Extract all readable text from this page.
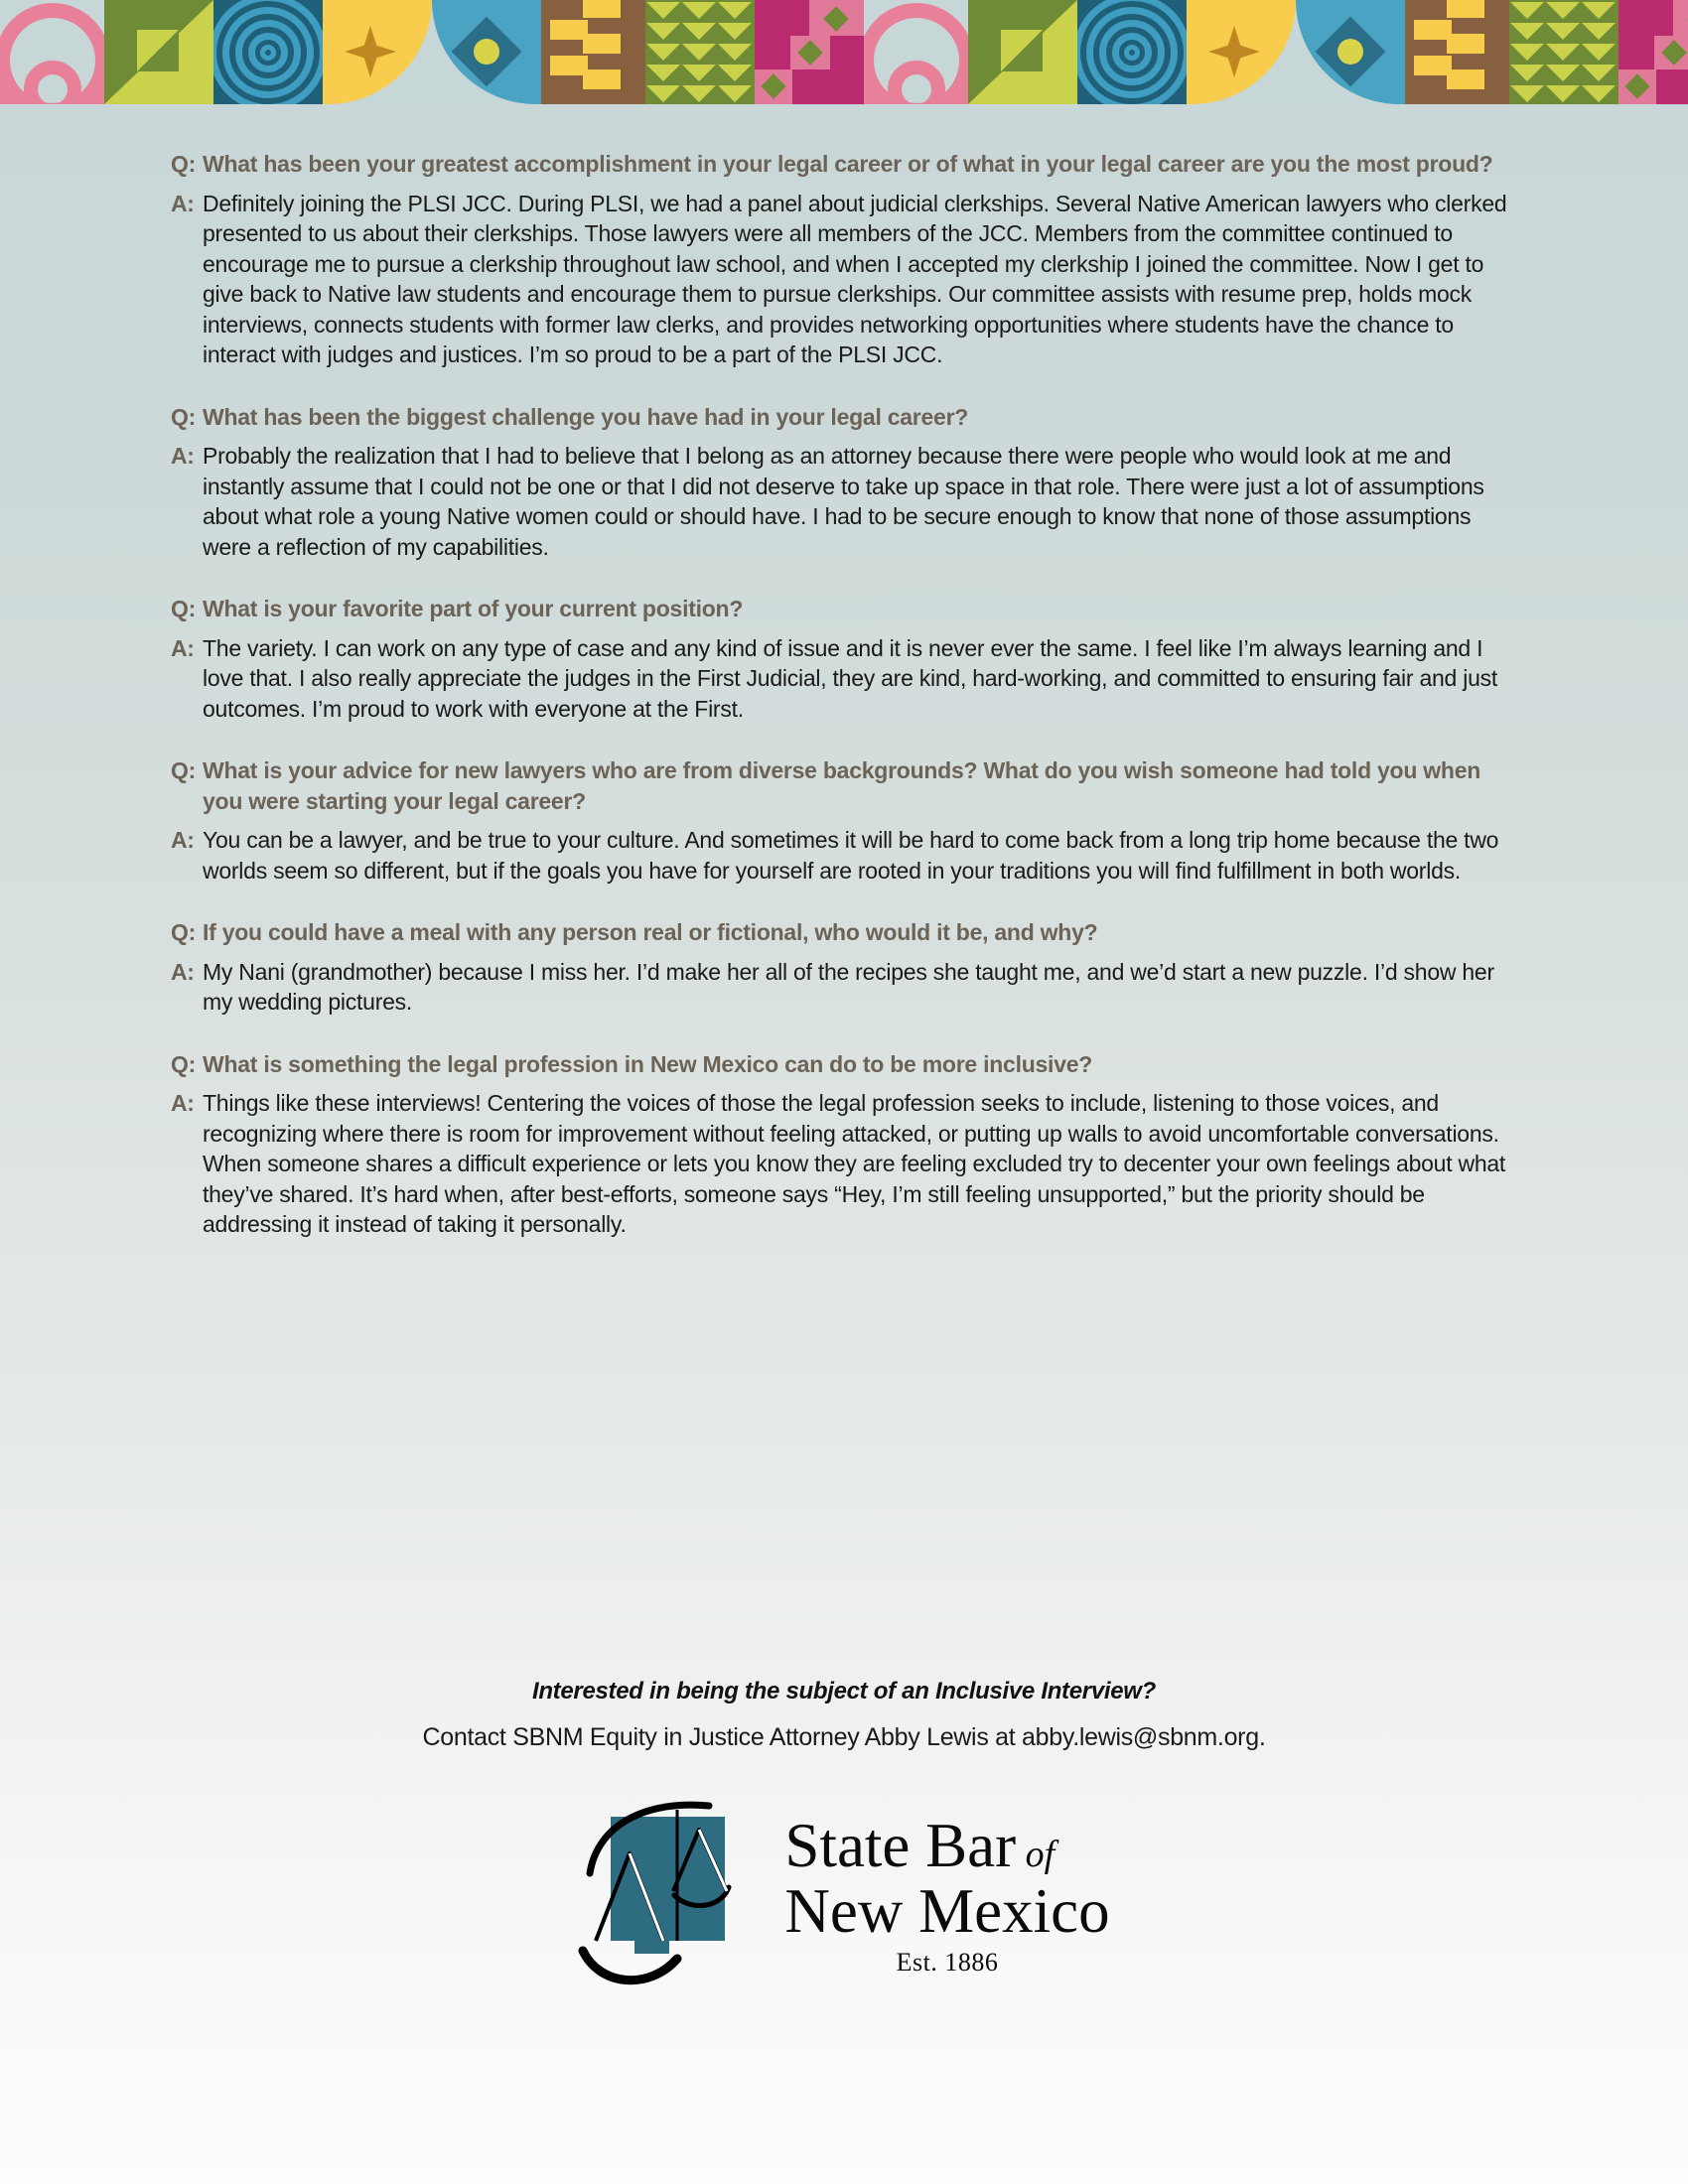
Q: What has been your greatest accomplishment in your legal career or of what in your legal career are you the most proud?
A: Definitely joining the PLSI JCC. During PLSI, we had a panel about judicial clerkships. Several Native American lawyers who clerked presented to us about their clerkships. Those lawyers were all members of the JCC. Members from the committee continued to encourage me to pursue a clerkship throughout law school, and when I accepted my clerkship I joined the committee. Now I get to give back to Native law students and encourage them to pursue clerkships. Our committee assists with resume prep, holds mock interviews, connects students with former law clerks, and provides networking opportunities where students have the chance to interact with judges and justices. I’m so proud to be a part of the PLSI JCC.
Q: What has been the biggest challenge you have had in your legal career?
A: Probably the realization that I had to believe that I belong as an attorney because there were people who would look at me and instantly assume that I could not be one or that I did not deserve to take up space in that role. There were just a lot of assumptions about what role a young Native women could or should have. I had to be secure enough to know that none of those assumptions were a reflection of my capabilities.
Q: What is your favorite part of your current position?
A: The variety. I can work on any type of case and any kind of issue and it is never ever the same. I feel like I’m always learning and I love that. I also really appreciate the judges in the First Judicial, they are kind, hard-working, and committed to ensuring fair and just outcomes. I’m proud to work with everyone at the First.
Q: What is your advice for new lawyers who are from diverse backgrounds? What do you wish someone had told you when you were starting your legal career?
A: You can be a lawyer, and be true to your culture. And sometimes it will be hard to come back from a long trip home because the two worlds seem so different, but if the goals you have for yourself are rooted in your traditions you will find fulfillment in both worlds.
Q: If you could have a meal with any person real or fictional, who would it be, and why?
A: My Nani (grandmother) because I miss her. I’d make her all of the recipes she taught me, and we’d start a new puzzle. I’d show her my wedding pictures.
Q: What is something the legal profession in New Mexico can do to be more inclusive?
A: Things like these interviews! Centering the voices of those the legal profession seeks to include, listening to those voices, and recognizing where there is room for improvement without feeling attacked, or putting up walls to avoid uncomfortable conversations. When someone shares a difficult experience or lets you know they are feeling excluded try to decenter your own feelings about what they’ve shared. It’s hard when, after best-efforts, someone says “Hey, I’m still feeling unsupported,” but the priority should be addressing it instead of taking it personally.
Interested in being the subject of an Inclusive Interview?
Contact SBNM Equity in Justice Attorney Abby Lewis at abby.lewis@sbnm.org.
State Bar of
New Mexico
Est. 1886
